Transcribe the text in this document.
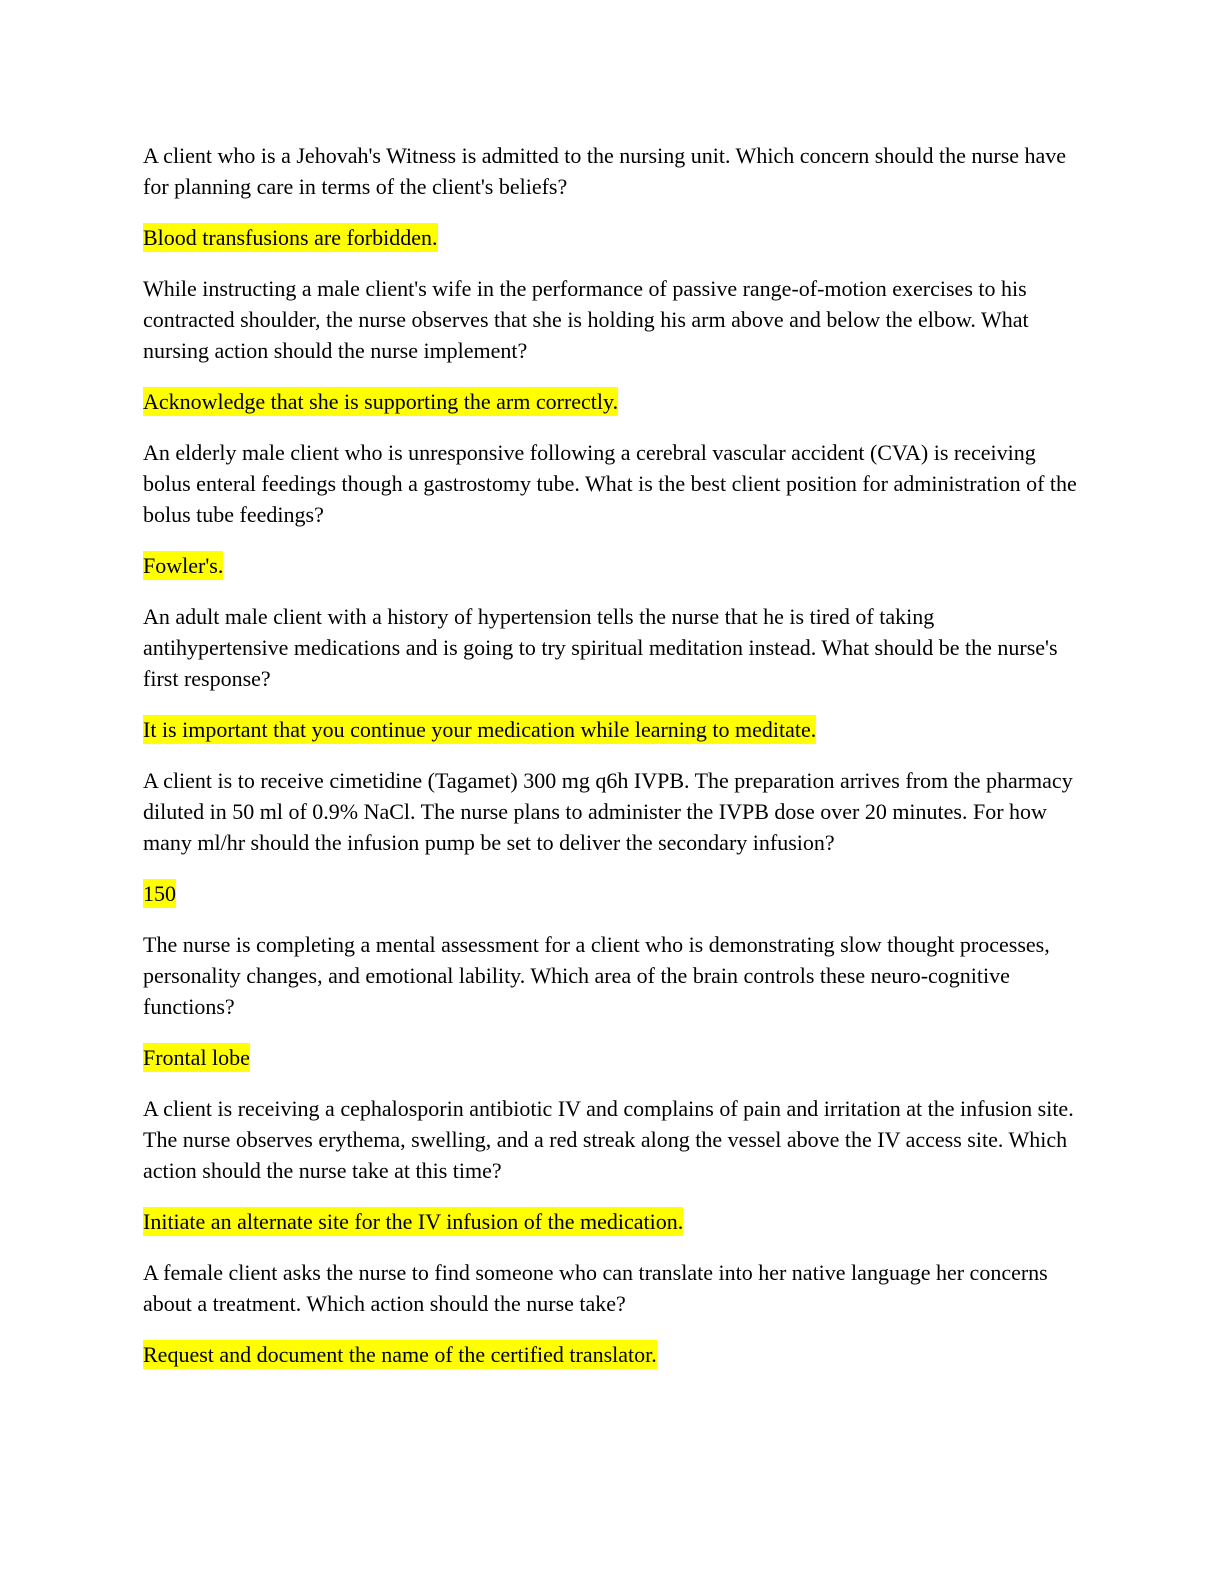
A client who is a Jehovah's Witness is admitted to the nursing unit. Which concern should the nurse have for planning care in terms of the client's beliefs?

Blood transfusions are forbidden.

While instructing a male client's wife in the performance of passive range-of-motion exercises to his contracted shoulder, the nurse observes that she is holding his arm above and below the elbow. What nursing action should the nurse implement?

Acknowledge that she is supporting the arm correctly.

An elderly male client who is unresponsive following a cerebral vascular accident (CVA) is receiving bolus enteral feedings though a gastrostomy tube. What is the best client position for administration of the bolus tube feedings?

Fowler's.

An adult male client with a history of hypertension tells the nurse that he is tired of taking antihypertensive medications and is going to try spiritual meditation instead. What should be the nurse's first response?

It is important that you continue your medication while learning to meditate.

A client is to receive cimetidine (Tagamet) 300 mg q6h IVPB. The preparation arrives from the pharmacy diluted in 50 ml of 0.9% NaCl. The nurse plans to administer the IVPB dose over 20 minutes. For how many ml/hr should the infusion pump be set to deliver the secondary infusion?

150

The nurse is completing a mental assessment for a client who is demonstrating slow thought processes, personality changes, and emotional lability. Which area of the brain controls these neuro-cognitive functions?

Frontal lobe

A client is receiving a cephalosporin antibiotic IV and complains of pain and irritation at the infusion site. The nurse observes erythema, swelling, and a red streak along the vessel above the IV access site. Which action should the nurse take at this time?

Initiate an alternate site for the IV infusion of the medication.

A female client asks the nurse to find someone who can translate into her native language her concerns about a treatment. Which action should the nurse take?

Request and document the name of the certified translator.
